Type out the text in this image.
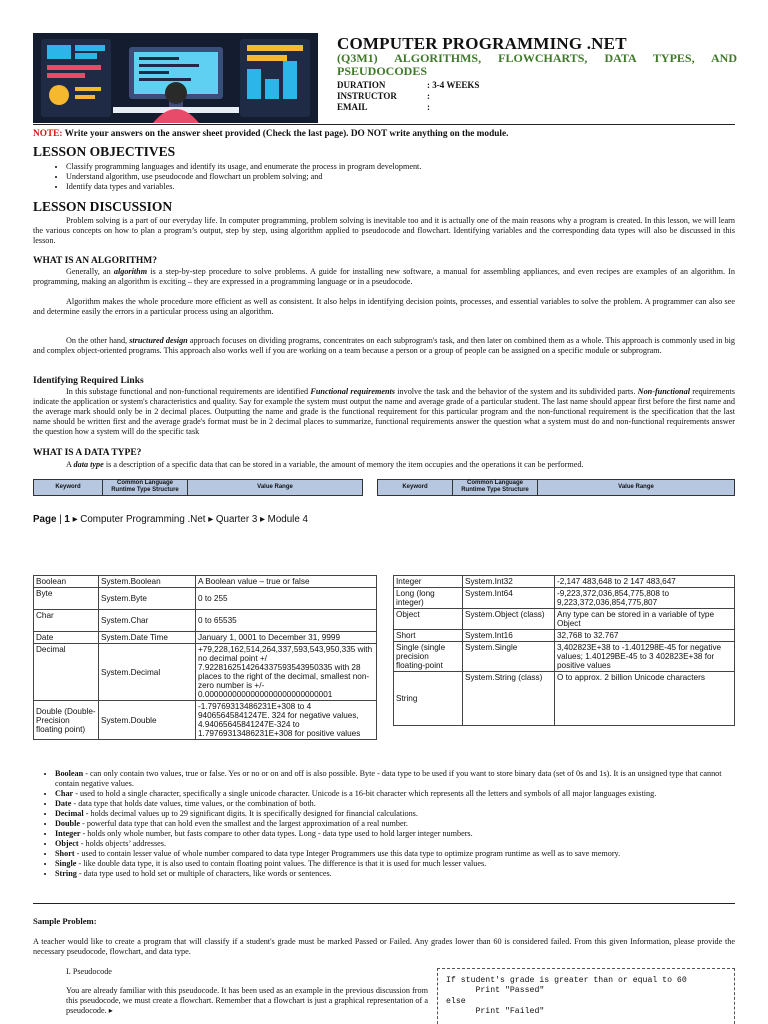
COMPUTER PROGRAMMING .NET
(Q3M1) ALGORITHMS, FLOWCHARTS, DATA TYPES, AND PSEUDOCODES
DURATION	: 3-4 WEEKS
INSTRUCTOR	:
EMAIL	:
NOTE: Write your answers on the answer sheet provided (Check the last page). DO NOT write anything on the module.
LESSON OBJECTIVES
• Classify programming languages and identify its usage, and enumerate the process in program development.
• Understand algorithm, use pseudocode and flowchart un problem solving; and
• Identify data types and variables.
LESSON DISCUSSION

Problem solving is a part of our everyday life. In computer programming, problem solving is inevitable too and it is actually one of the main reasons why a program is created. In this lesson, we will learn the various concepts on how to plan a program’s output, step by step, using algorithm applied to pseudocode and flowchart. Identifying variables and the corresponding data types will also be discussed in this lesson.

WHAT IS AN ALGORITHM?

Generally, an algorithm is a step-by-step procedure to solve problems. A guide for installing new software, a manual for assembling appliances, and even recipes are examples of an algorithm. In programming, making an algorithm is exciting – they are expressed in a programming language or in a pseudocode.

Algorithm makes the whole procedure more efficient as well as consistent. It also helps in identifying decision points, processes, and essential variables to solve the problem. A programmer can also see and determine easily the errors in a particular process using an algorithm.

On the other hand, structured design approach focuses on dividing programs, concentrates on each subprogram's task, and then later on combined them as a whole. This approach is commonly used in big and complex object-oriented programs. This approach also works well if you are working on a team because a person or a group of people can be assigned on a specific module or subprogram.

Identifying Required Links

In this substage functional and non-functional requirements are identified Functional requirements involve the task and the behavior of the system and its subdivided parts. Non-functional requirements indicate the application or system's characteristics and quality. Say for example the system must output the name and average grade of a particular student. The last name should appear first before the first name and the average mark should only be in 2 decimal places. Outputting the name and grade is the functional requirement for this particular program and the non-functional requirement is the specification that the last name should be written first and the average grade's format must be in 2 decimal places to summarize, functional requirements answer the question what a system must do and non-functional requirements answer the question how a system will do the specific task

WHAT IS A DATA TYPE?

A data type is a description of a specific data that can be stored in a variable, the amount of memory the item occupies and the operations it can be performed.

Keyword	Common Language Runtime Type Structure	Value Range		Keyword	Common Language Runtime Type Structure	Value Range
Page | 1 ▸ Computer Programming .Net ▸ Quarter 3 ▸ Module 4
Boolean	System.Boolean	A Boolean value – true or false
Byte	System.Byte	0 to 255
Char	System.Char	0 to 65535
Date	System.Date Time	January 1, 0001 to December 31, 9999
Decimal	System.Decimal	+79,228,162,514,264,337,593,543,950,335 with no decimal point +/ 7.9228162514264337593543950335 with 28 places to the right of the decimal, smallest non-zero number is +/- 0.0000000000000000000000000001
Double (Double-Precision floating point)	System.Double	-1.79769313486231E+308 to 4 94065645841247E. 324 for negative values, 4.94065645841247E-324 to 1.79769313486231E+308 for positive values
Integer	System.Int32	-2,147 483,648 to 2 147 483,647
Long (long integer)	System.Int64	-9,223,372,036,854,775,808 to 9,223,372,036,854,775,807
Object	System.Object (class)	Any type can be stored in a variable of type Object
Short	System.Int16	32,768 to 32.767
Single (single precision floating-point	System.Single	3,402823E+38 to -1.401298E-45 for negative values; 1.40129BE-45 to 3 402823E+38 for positive values
String	System.String (class)	O to approx. 2 billion Unicode characters
• Boolean - can only contain two values, true or false. Yes or no or on and off is also possible. Byte - data type to be used if you want to store binary data (set of 0s and 1s). It is an unsigned type that cannot contain negative values.
• Char - used to hold a single character, specifically a single unicode character. Unicode is a 16-bit character which represents all the letters and symbols of all major languages existing.
• Date - data type that holds date values, time values, or the combination of both.
• Decimal - holds decimal values up to 29 significant digits. It is specifically designed for financial calculations.
• Double - powerful data type that can hold even the smallest and the largest approximation of a real number.
• Integer - holds only whole number, but fasts compare to other data types. Long - data type used to hold larger integer numbers.
• Object - holds objects’ addresses.
• Short - used to contain lesser value of whole number compared to data type Integer Programmers use this data type to optimize program runtime as well as to save memory.
• Single - like double data type, it is also used to contain floating point values. The difference is that it is used for much lesser values.
• String - data type used to hold set or multiple of characters, like words or sentences.
Sample Problem:

A teacher would like to create a program that will classify if a student's grade must be marked Passed or Failed. Any grades lower than 60 is considered failed. From this given Information, please provide the necessary pseudocode, flowchart, and data type.

I. Pseudocode

You are already familiar with this pseudocode. It has been used as an example in the previous discussion from this pseudocode, we must create a flowchart. Remember that a flowchart is just a graphical representation of a pseudocode. ▸

If student's grade is greater than or equal to 60
Print "Passed"
else
Print "Failed"
